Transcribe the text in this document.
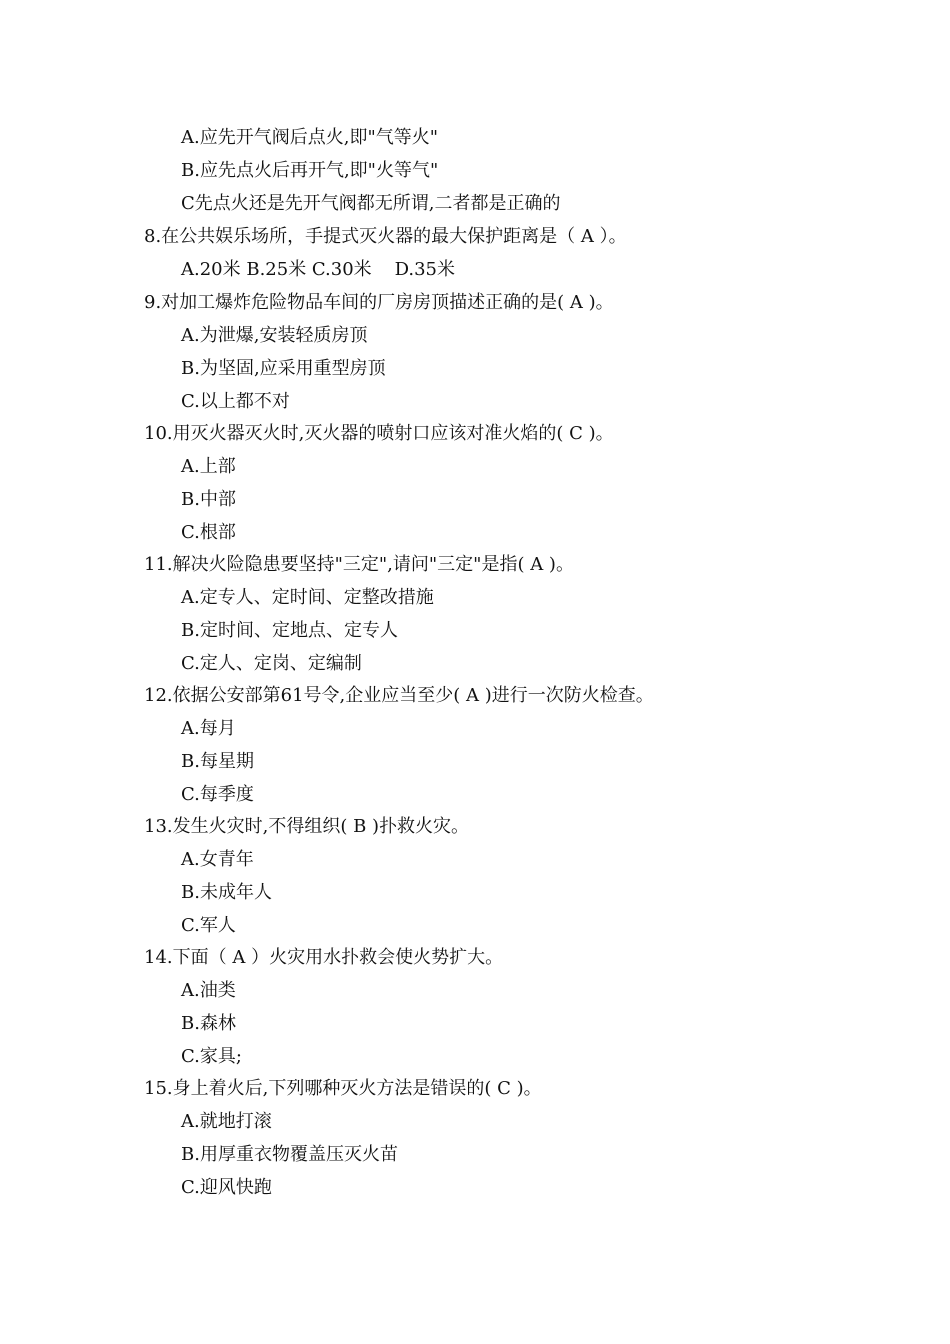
A.应先开气阀后点火,即"气等火"
B.应先点火后再开气,即"火等气"
C先点火还是先开气阀都无所谓,二者都是正确的
8.在公共娱乐场所，手提式灭火器的最大保护距离是（ A ）。
A.20米 B.25米 C.30米    D.35米
9.对加工爆炸危险物品车间的厂房房顶描述正确的是( A )。
A.为泄爆,安装轻质房顶
B.为坚固,应采用重型房顶
C.以上都不对
10.用灭火器灭火时,灭火器的喷射口应该对准火焰的( C )。
A.上部
B.中部
C.根部
11.解决火险隐患要坚持"三定",请问"三定"是指( A )。
A.定专人、定时间、定整改措施
B.定时间、定地点、定专人
C.定人、定岗、定编制
12.依据公安部第61号令,企业应当至少( A )进行一次防火检查。
A.每月
B.每星期
C.每季度
13.发生火灾时,不得组织( B )扑救火灾。
A.女青年
B.未成年人
C.军人
14.下面（ A ）火灾用水扑救会使火势扩大。
A.油类
B.森林
C.家具;
15.身上着火后,下列哪种灭火方法是错误的( C )。
A.就地打滚
B.用厚重衣物覆盖压灭火苗
C.迎风快跑
